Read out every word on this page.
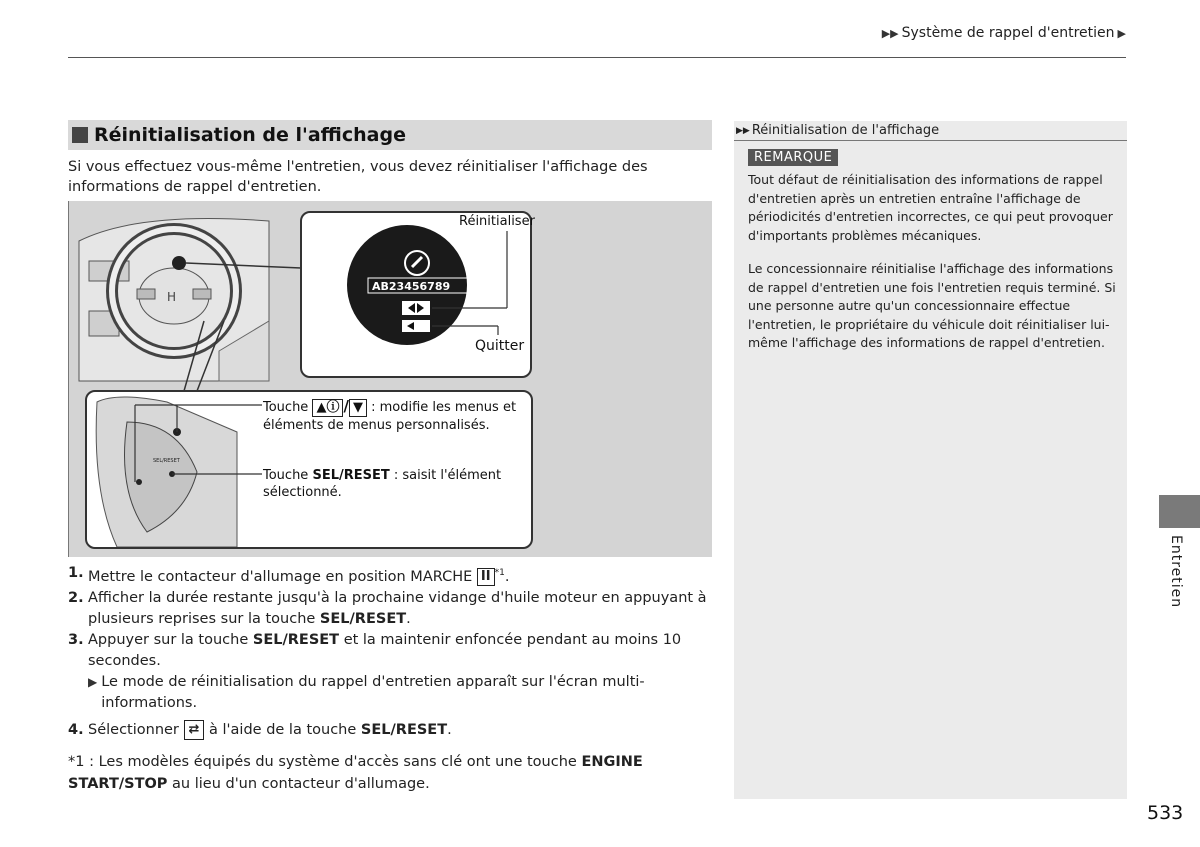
▶▶ Système de rappel d'entretien ▶
Réinitialisation de l'affichage
Si vous effectuez vous-même l'entretien, vous devez réinitialiser l'affichage des informations de rappel d'entretien.
H
AB23456789
Réinitialiser
Quitter
SEL/RESET
Touche ▲ⓘ / ▼ : modifie les menus et éléments de menus personnalisés.
Touche SEL/RESET : saisit l'élément sélectionné.
1. Mettre le contacteur d'allumage en position MARCHE II $^{*1}$.
2. Afficher la durée restante jusqu'à la prochaine vidange d'huile moteur en appuyant à plusieurs reprises sur la touche SEL/RESET.
3. Appuyer sur la touche SEL/RESET et la maintenir enfoncée pendant au moins 10 secondes.
▶ Le mode de réinitialisation du rappel d'entretien apparaît sur l'écran multi-informations.
4. Sélectionner ⇄ à l'aide de la touche SEL/RESET.
*1 : Les modèles équipés du système d'accès sans clé ont une touche ENGINE START/STOP au lieu d'un contacteur d'allumage.
▶▶ Réinitialisation de l'affichage
REMARQUE
Tout défaut de réinitialisation des informations de rappel d'entretien après un entretien entraîne l'affichage de périodicités d'entretien incorrectes, ce qui peut provoquer d'importants problèmes mécaniques.
Le concessionnaire réinitialise l'affichage des informations de rappel d'entretien une fois l'entretien requis terminé. Si une personne autre qu'un concessionnaire effectue l'entretien, le propriétaire du véhicule doit réinitialiser lui-même l'affichage des informations de rappel d'entretien.
Entretien
533
